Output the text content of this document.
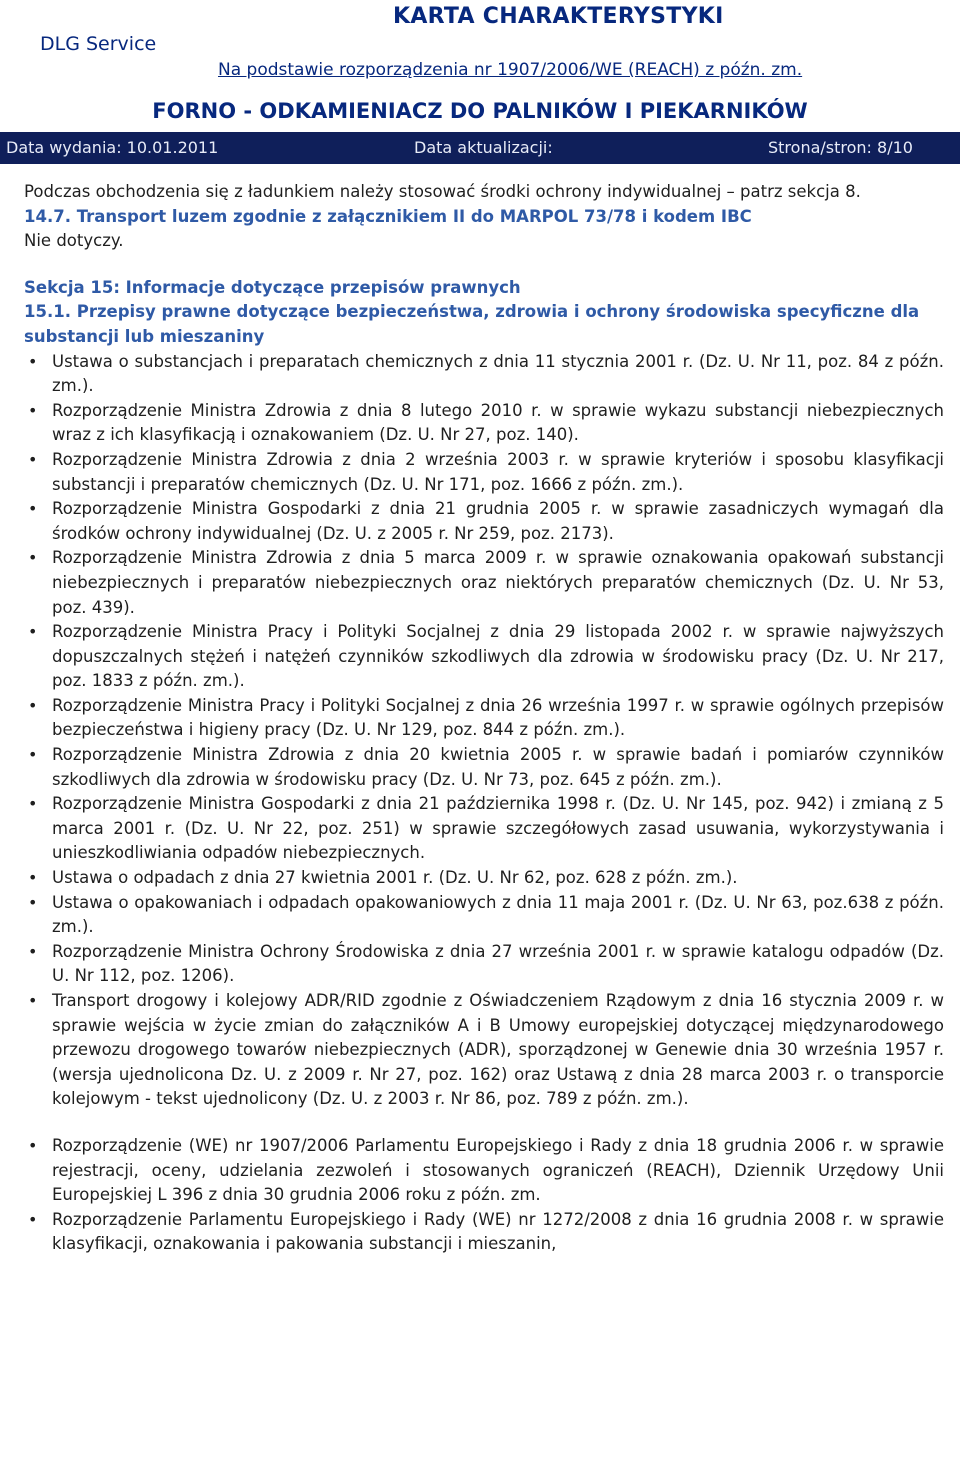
DLG Service
KARTA CHARAKTERYSTYKI
Na podstawie rozporządzenia nr 1907/2006/WE (REACH) z późn. zm.
FORNO - ODKAMIENIACZ DO PALNIKÓW I PIEKARNIKÓW
Data wydania: 10.01.2011	Data aktualizacji:	Strona/stron: 8/10

Podczas obchodzenia się z ładunkiem należy stosować środki ochrony indywidualnej – patrz sekcja 8.

14.7. Transport luzem zgodnie z załącznikiem II do MARPOL 73/78 i kodem IBC

Nie dotyczy.

Sekcja 15: Informacje dotyczące przepisów prawnych

15.1. Przepisy prawne dotyczące bezpieczeństwa, zdrowia i ochrony środowiska specyficzne dla substancji lub mieszaniny

• Ustawa o substancjach i preparatach chemicznych z dnia 11 stycznia 2001 r. (Dz. U. Nr 11, poz. 84 z późn. zm.).
• Rozporządzenie Ministra Zdrowia z dnia 8 lutego 2010 r. w sprawie wykazu substancji niebezpiecznych wraz z ich klasyfikacją i oznakowaniem (Dz. U. Nr 27, poz. 140).
• Rozporządzenie Ministra Zdrowia z dnia 2 września 2003 r. w sprawie kryteriów i sposobu klasyfikacji substancji i preparatów chemicznych (Dz. U. Nr 171, poz. 1666 z późn. zm.).
• Rozporządzenie Ministra Gospodarki z dnia 21 grudnia 2005 r. w sprawie zasadniczych wymagań dla środków ochrony indywidualnej (Dz. U. z 2005 r. Nr 259, poz. 2173).
• Rozporządzenie Ministra Zdrowia z dnia 5 marca 2009 r. w sprawie oznakowania opakowań substancji niebezpiecznych i preparatów niebezpiecznych oraz niektórych preparatów chemicznych (Dz. U. Nr 53, poz. 439).
• Rozporządzenie Ministra Pracy i Polityki Socjalnej z dnia 29 listopada 2002 r. w sprawie najwyższych dopuszczalnych stężeń i natężeń czynników szkodliwych dla zdrowia w środowisku pracy (Dz. U. Nr 217, poz. 1833 z późn. zm.).
• Rozporządzenie Ministra Pracy i Polityki Socjalnej z dnia 26 września 1997 r. w sprawie ogólnych przepisów bezpieczeństwa i higieny pracy (Dz. U. Nr 129, poz. 844 z późn. zm.).
• Rozporządzenie Ministra Zdrowia z dnia 20 kwietnia 2005 r. w sprawie badań i pomiarów czynników szkodliwych dla zdrowia w środowisku pracy (Dz. U. Nr 73, poz. 645 z późn. zm.).
• Rozporządzenie Ministra Gospodarki z dnia 21 października 1998 r. (Dz. U. Nr 145, poz. 942) i zmianą z 5 marca 2001 r. (Dz. U. Nr 22, poz. 251) w sprawie szczegółowych zasad usuwania, wykorzystywania i unieszkodliwiania odpadów niebezpiecznych.
• Ustawa o odpadach z dnia 27 kwietnia 2001 r. (Dz. U. Nr 62, poz. 628 z późn. zm.).
• Ustawa o opakowaniach i odpadach opakowaniowych z dnia 11 maja 2001 r. (Dz. U. Nr 63, poz.638 z późn. zm.).
• Rozporządzenie Ministra Ochrony Środowiska z dnia 27 września 2001 r. w sprawie katalogu odpadów (Dz. U. Nr 112, poz. 1206).
• Transport drogowy i kolejowy ADR/RID zgodnie z Oświadczeniem Rządowym z dnia 16 stycznia 2009 r. w sprawie wejścia w życie zmian do załączników A i B Umowy europejskiej dotyczącej międzynarodowego przewozu drogowego towarów niebezpiecznych (ADR), sporządzonej w Genewie dnia 30 września 1957 r. (wersja ujednolicona Dz. U. z 2009 r. Nr 27, poz. 162) oraz Ustawą z dnia 28 marca 2003 r. o transporcie kolejowym - tekst ujednolicony (Dz. U. z 2003 r. Nr 86, poz. 789 z późn. zm.).
• Rozporządzenie (WE) nr 1907/2006 Parlamentu Europejskiego i Rady z dnia 18 grudnia 2006 r. w sprawie rejestracji, oceny, udzielania zezwoleń i stosowanych ograniczeń (REACH), Dziennik Urzędowy Unii Europejskiej L 396 z dnia 30 grudnia 2006 roku z późn. zm.
• Rozporządzenie Parlamentu Europejskiego i Rady (WE) nr 1272/2008 z dnia 16 grudnia 2008 r. w sprawie klasyfikacji, oznakowania i pakowania substancji i mieszanin,
